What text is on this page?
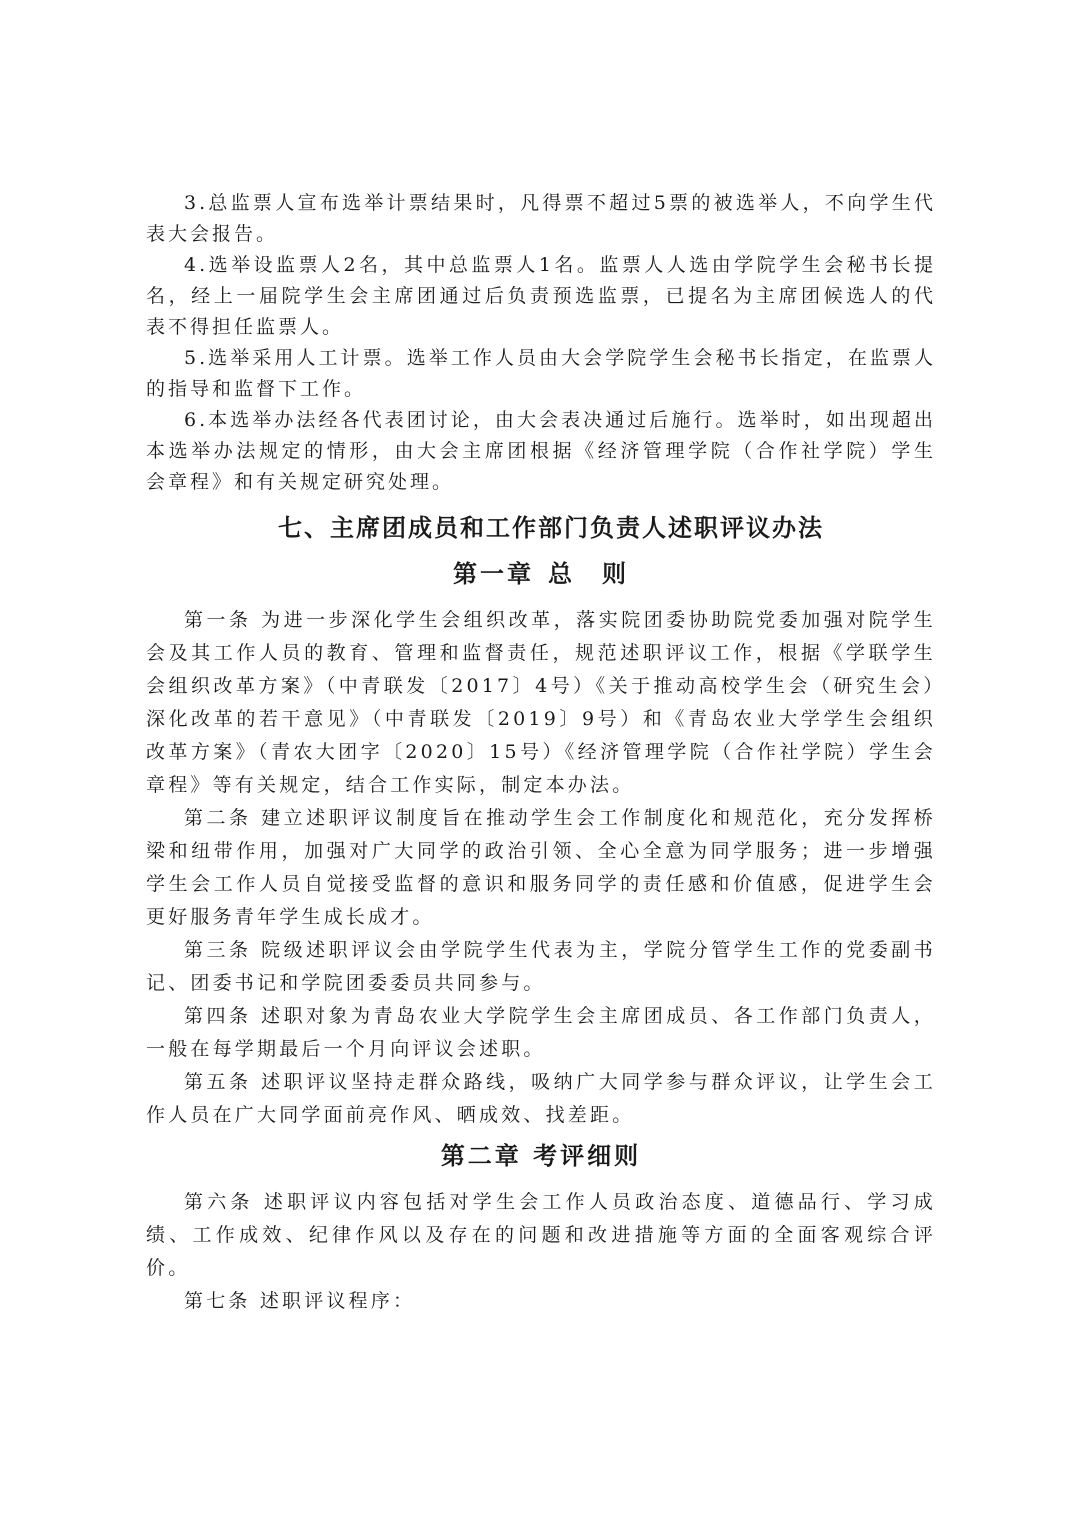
3.总监票人宣布选举计票结果时，凡得票不超过5票的被选举人，不向学生代表大会报告。

4.选举设监票人2名，其中总监票人1名。监票人人选由学院学生会秘书长提名，经上一届院学生会主席团通过后负责预选监票，已提名为主席团候选人的代表不得担任监票人。

5.选举采用人工计票。选举工作人员由大会学院学生会秘书长指定，在监票人的指导和监督下工作。

6.本选举办法经各代表团讨论，由大会表决通过后施行。选举时，如出现超出本选举办法规定的情形，由大会主席团根据《经济管理学院（合作社学院）学生会章程》和有关规定研究处理。

七、主席团成员和工作部门负责人述职评议办法
第一章 总　则

第一条 为进一步深化学生会组织改革，落实院团委协助院党委加强对院学生会及其工作人员的教育、管理和监督责任，规范述职评议工作，根据《学联学生会组织改革方案》（中青联发〔2017〕4号）《关于推动高校学生会（研究生会）深化改革的若干意见》（中青联发〔2019〕9号）和《青岛农业大学学生会组织改革方案》（青农大团字〔2020〕15号）《经济管理学院（合作社学院）学生会章程》等有关规定，结合工作实际，制定本办法。

第二条 建立述职评议制度旨在推动学生会工作制度化和规范化，充分发挥桥梁和纽带作用，加强对广大同学的政治引领、全心全意为同学服务；进一步增强学生会工作人员自觉接受监督的意识和服务同学的责任感和价值感，促进学生会更好服务青年学生成长成才。

第三条 院级述职评议会由学院学生代表为主，学院分管学生工作的党委副书记、团委书记和学院团委委员共同参与。

第四条 述职对象为青岛农业大学院学生会主席团成员、各工作部门负责人，一般在每学期最后一个月向评议会述职。

第五条 述职评议坚持走群众路线，吸纳广大同学参与群众评议，让学生会工作人员在广大同学面前亮作风、晒成效、找差距。

第二章 考评细则

第六条 述职评议内容包括对学生会工作人员政治态度、道德品行、学习成绩、工作成效、纪律作风以及存在的问题和改进措施等方面的全面客观综合评价。

第七条 述职评议程序：
